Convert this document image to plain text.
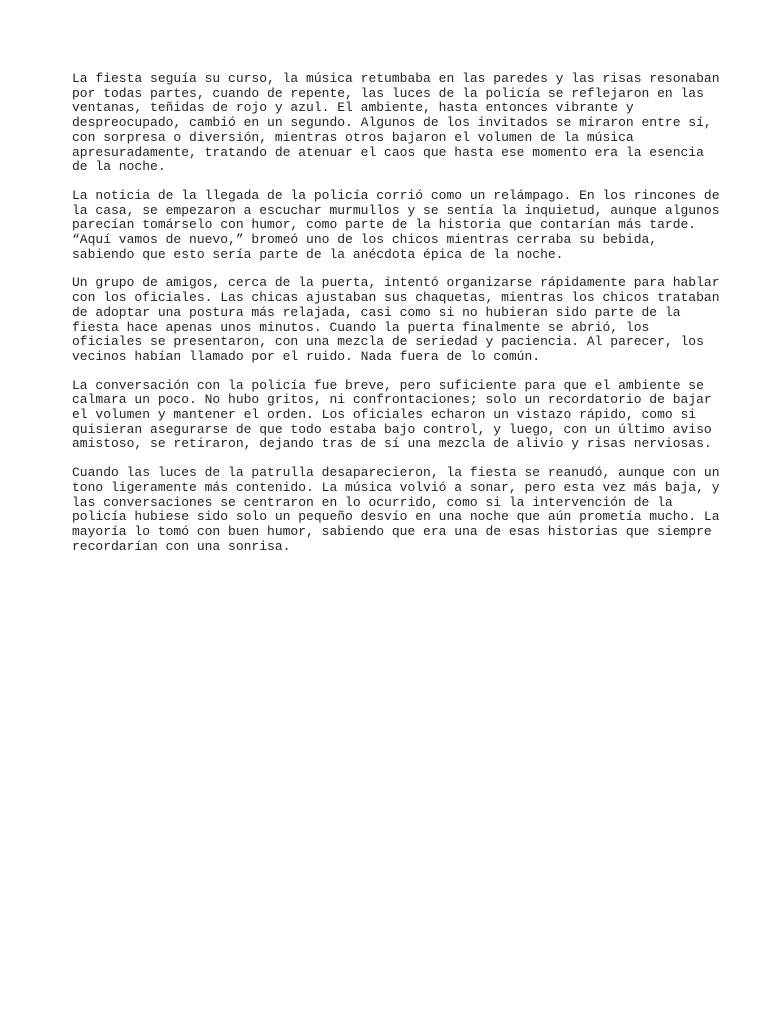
La fiesta seguía su curso, la música retumbaba en las paredes y las risas resonaban
por todas partes, cuando de repente, las luces de la policía se reflejaron en las
ventanas, teñidas de rojo y azul. El ambiente, hasta entonces vibrante y
despreocupado, cambió en un segundo. Algunos de los invitados se miraron entre sí,
con sorpresa o diversión, mientras otros bajaron el volumen de la música
apresuradamente, tratando de atenuar el caos que hasta ese momento era la esencia
de la noche.

La noticia de la llegada de la policía corrió como un relámpago. En los rincones de
la casa, se empezaron a escuchar murmullos y se sentía la inquietud, aunque algunos
parecían tomárselo con humor, como parte de la historia que contarían más tarde.
“Aquí vamos de nuevo,” bromeó uno de los chicos mientras cerraba su bebida,
sabiendo que esto sería parte de la anécdota épica de la noche.

Un grupo de amigos, cerca de la puerta, intentó organizarse rápidamente para hablar
con los oficiales. Las chicas ajustaban sus chaquetas, mientras los chicos trataban
de adoptar una postura más relajada, casi como si no hubieran sido parte de la
fiesta hace apenas unos minutos. Cuando la puerta finalmente se abrió, los
oficiales se presentaron, con una mezcla de seriedad y paciencia. Al parecer, los
vecinos habían llamado por el ruido. Nada fuera de lo común.

La conversación con la policía fue breve, pero suficiente para que el ambiente se
calmara un poco. No hubo gritos, ni confrontaciones; solo un recordatorio de bajar
el volumen y mantener el orden. Los oficiales echaron un vistazo rápido, como si
quisieran asegurarse de que todo estaba bajo control, y luego, con un último aviso
amistoso, se retiraron, dejando tras de sí una mezcla de alivio y risas nerviosas.

Cuando las luces de la patrulla desaparecieron, la fiesta se reanudó, aunque con un
tono ligeramente más contenido. La música volvió a sonar, pero esta vez más baja, y
las conversaciones se centraron en lo ocurrido, como si la intervención de la
policía hubiese sido solo un pequeño desvío en una noche que aún prometía mucho. La
mayoría lo tomó con buen humor, sabiendo que era una de esas historias que siempre
recordarían con una sonrisa.
